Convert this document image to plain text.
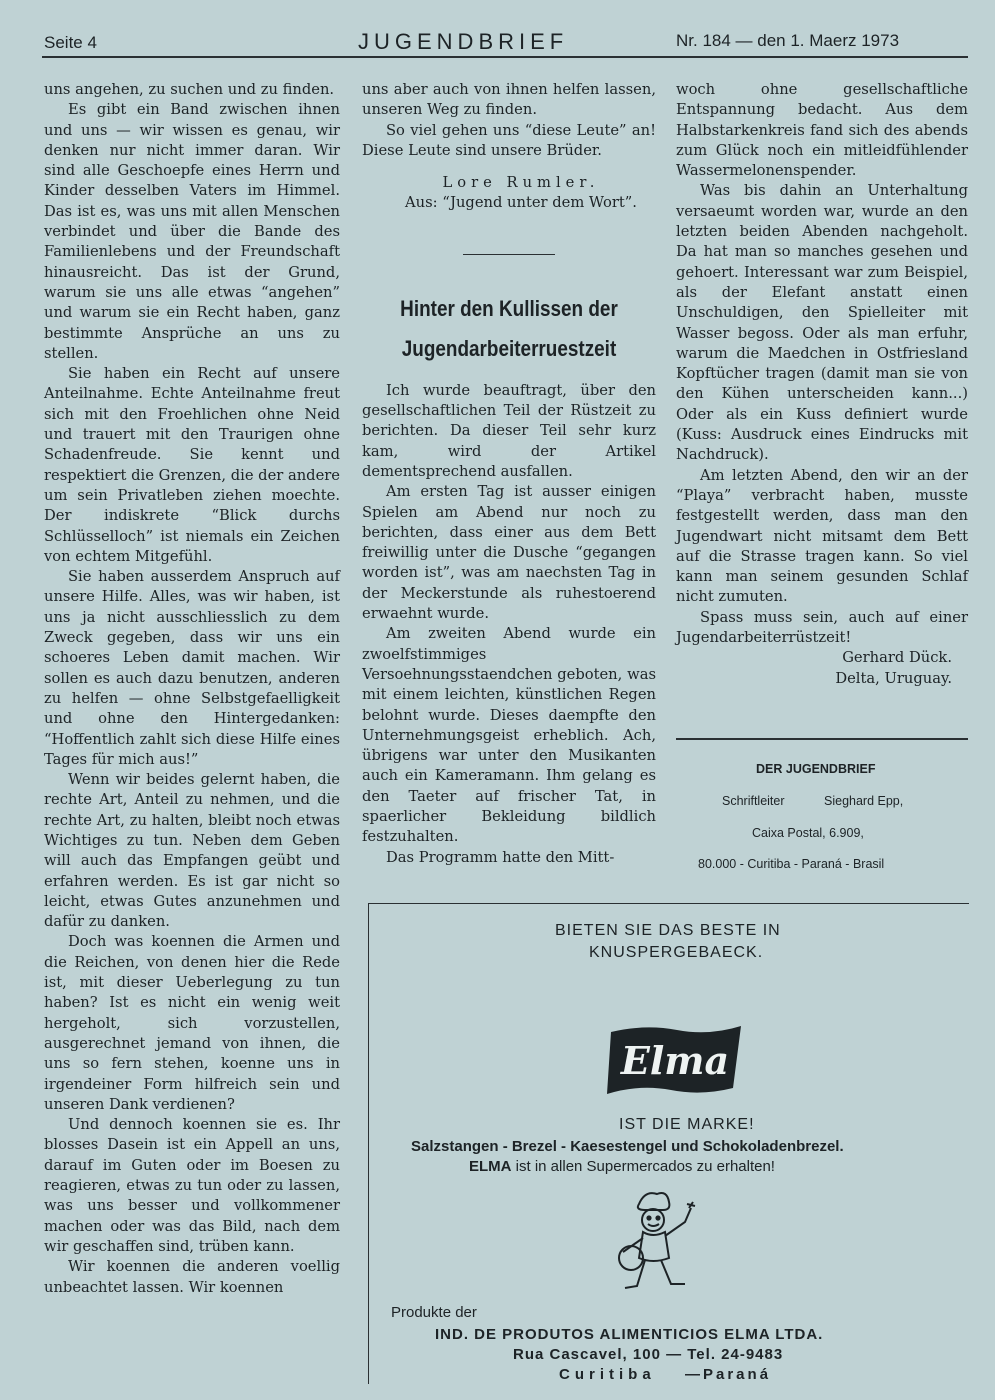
Seite 4	JUGENDBRIEF	Nr. 184 — den 1. Maerz 1973

uns angehen, zu suchen und zu finden.

Es gibt ein Band zwischen ihnen und uns — wir wissen es genau, wir denken nur nicht immer daran. Wir sind alle Geschoepfe eines Herrn und Kinder desselben Vaters im Himmel. Das ist es, was uns mit allen Menschen verbindet und über die Bande des Familienlebens und der Freundschaft hinausreicht. Das ist der Grund, warum sie uns alle etwas “angehen” und warum sie ein Recht haben, ganz bestimmte Ansprüche an uns zu stellen.

Sie haben ein Recht auf unsere Anteilnahme. Echte Anteilnahme freut sich mit den Froehlichen ohne Neid und trauert mit den Traurigen ohne Schadenfreude. Sie kennt und respektiert die Grenzen, die der andere um sein Privatleben ziehen moechte. Der indiskrete “Blick durchs Schlüsselloch” ist niemals ein Zeichen von echtem Mitgefühl.

Sie haben ausserdem Anspruch auf unsere Hilfe. Alles, was wir haben, ist uns ja nicht ausschliesslich zu dem Zweck gegeben, dass wir uns ein schoeres Leben damit machen. Wir sollen es auch dazu benutzen, anderen zu helfen — ohne Selbstgefaelligkeit und ohne den Hintergedanken: “Hoffentlich zahlt sich diese Hilfe eines Tages für mich aus!”

Wenn wir beides gelernt haben, die rechte Art, Anteil zu nehmen, und die rechte Art, zu halten, bleibt noch etwas Wichtiges zu tun. Neben dem Geben will auch das Empfangen geübt und erfahren werden. Es ist gar nicht so leicht, etwas Gutes anzunehmen und dafür zu danken.

Doch was koennen die Armen und die Reichen, von denen hier die Rede ist, mit dieser Ueberlegung zu tun haben? Ist es nicht ein wenig weit hergeholt, sich vorzustellen, ausgerechnet jemand von ihnen, die uns so fern stehen, koenne uns in irgendeiner Form hilfreich sein und unseren Dank verdienen?

Und dennoch koennen sie es. Ihr blosses Dasein ist ein Appell an uns, darauf im Guten oder im Boesen zu reagieren, etwas zu tun oder zu lassen, was uns besser und vollkommener machen oder was das Bild, nach dem wir geschaffen sind, trüben kann.

Wir koennen die anderen voellig unbeachtet lassen. Wir koennen

uns aber auch von ihnen helfen lassen, unseren Weg zu finden.

So viel gehen uns “diese Leute” an! Diese Leute sind unsere Brüder.

Lore Rumler.

Aus: “Jugend unter dem Wort”.

Hinter den Kullissen der
Jugendarbeiterruestzeit

Ich wurde beauftragt, über den gesellschaftlichen Teil der Rüstzeit zu berichten. Da dieser Teil sehr kurz kam, wird der Artikel dementsprechend ausfallen.

Am ersten Tag ist ausser einigen Spielen am Abend nur noch zu berichten, dass einer aus dem Bett freiwillig unter die Dusche “gegangen worden ist”, was am naechsten Tag in der Meckerstunde als ruhestoerend erwaehnt wurde.

Am zweiten Abend wurde ein zwoelfstimmiges Versoehnungsstaendchen geboten, was mit einem leichten, künstlichen Regen belohnt wurde. Dieses daempfte den Unternehmungsgeist erheblich. Ach, übrigens war unter den Musikanten auch ein Kameramann. Ihm gelang es den Taeter auf frischer Tat, in spaerlicher Bekleidung bildlich festzuhalten.

Das Programm hatte den Mitt-

woch ohne gesellschaftliche Entspannung bedacht. Aus dem Halbstarkenkreis fand sich des abends zum Glück noch ein mitleidfühlender Wassermelonenspender.

Was bis dahin an Unterhaltung versaeumt worden war, wurde an den letzten beiden Abenden nachgeholt. Da hat man so manches gesehen und gehoert. Interessant war zum Beispiel, als der Elefant anstatt einen Unschuldigen, den Spielleiter mit Wasser begoss. Oder als man erfuhr, warum die Maedchen in Ostfriesland Kopftücher tragen (damit man sie von den Kühen unterscheiden kann...) Oder als ein Kuss definiert wurde (Kuss: Ausdruck eines Eindrucks mit Nachdruck).

Am letzten Abend, den wir an der “Playa” verbracht haben, musste festgestellt werden, dass man den Jugendwart nicht mitsamt dem Bett auf die Strasse tragen kann. So viel kann man seinem gesunden Schlaf nicht zumuten.

Spass muss sein, auch auf einer Jugendarbeiterrüstzeit!

Gerhard Dück.

Delta, Uruguay.

DER JUGENDBRIEF
Schriftleiter	Sieghard Epp,
Caixa Postal, 6.909,
80.000 - Curitiba - Paraná - Brasil
BIETEN SIE DAS BESTE IN
KNUSPERGEBAECK.
Elma
IST DIE MARKE!
Salzstangen - Brezel - Kaesestengel und Schokoladenbrezel.
ELMA ist in allen Supermercados zu erhalten!
Produkte der
IND. DE PRODUTOS ALIMENTICIOS ELMA LTDA.
Rua Cascavel, 100 — Tel. 24-9483
Curitiba —Paraná
